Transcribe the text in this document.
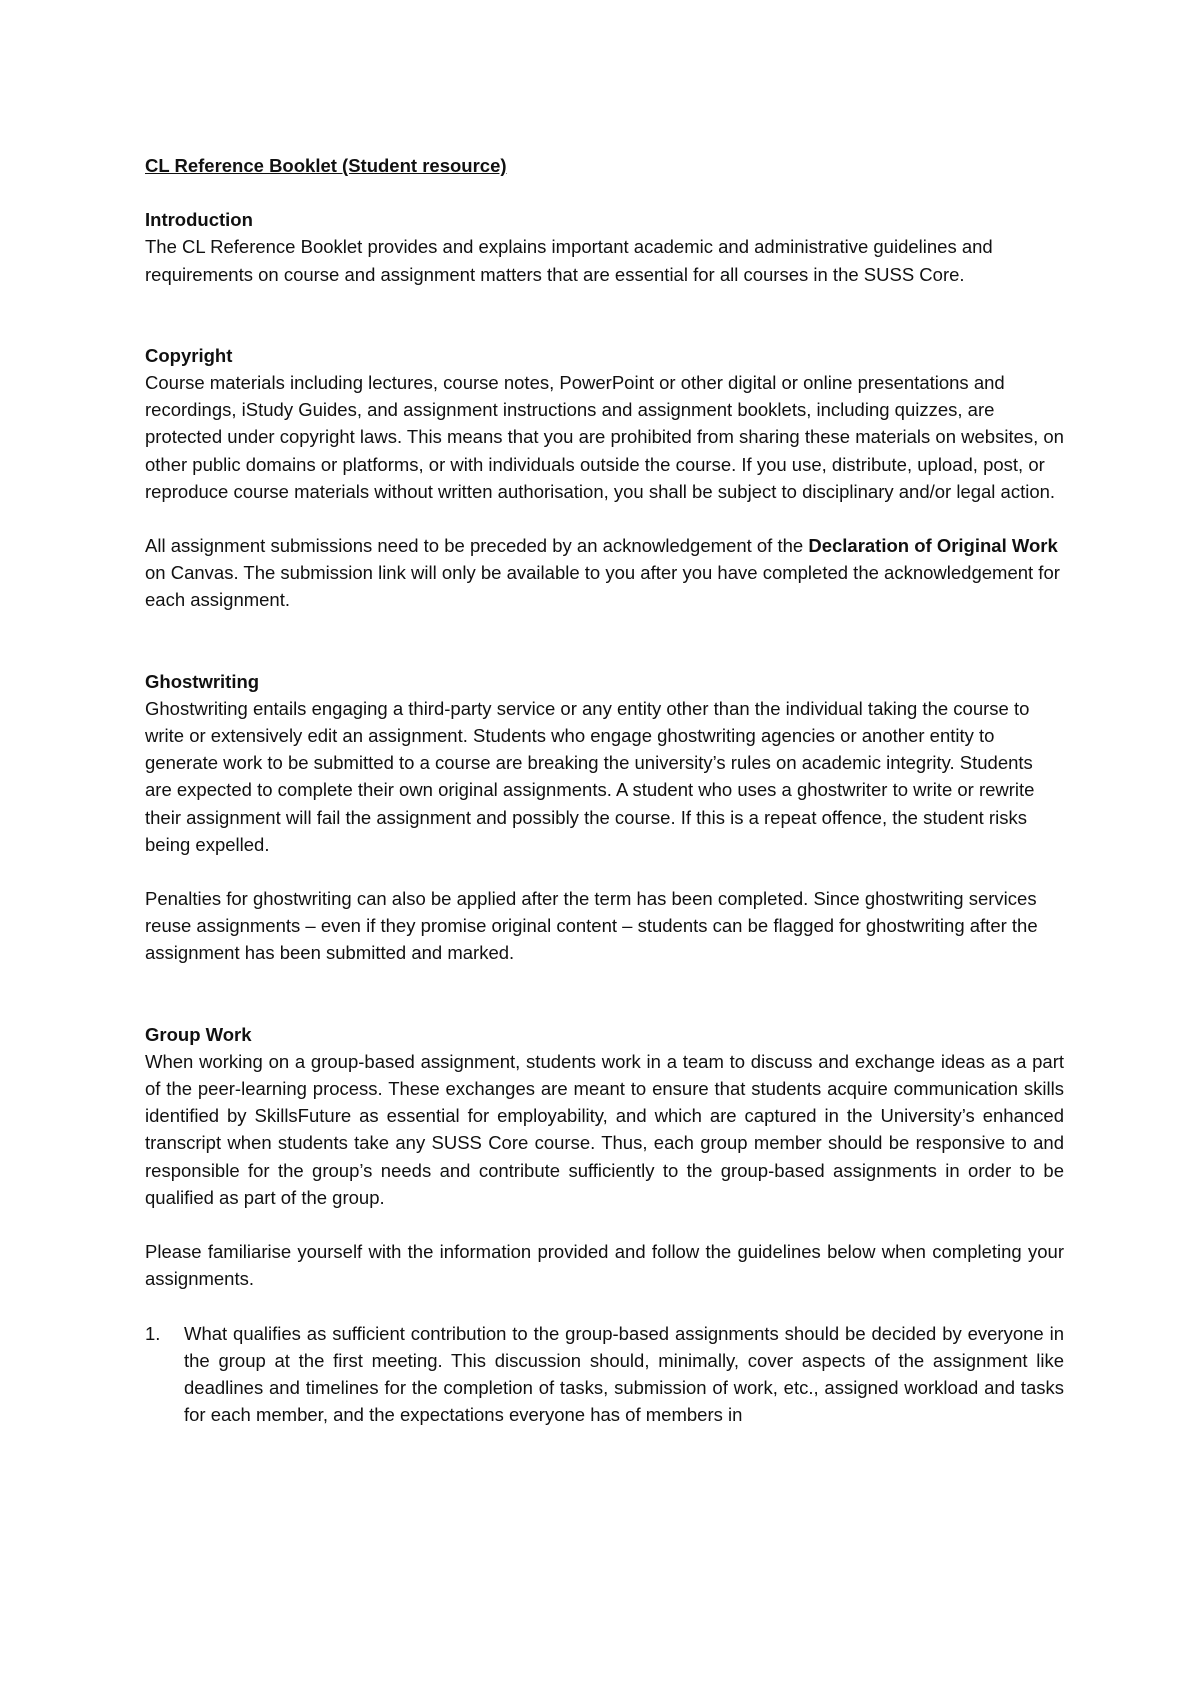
CL Reference Booklet (Student resource)
Introduction

The CL Reference Booklet provides and explains important academic and administrative guidelines and requirements on course and assignment matters that are essential for all courses in the SUSS Core.

Copyright

Course materials including lectures, course notes, PowerPoint or other digital or online presentations and recordings, iStudy Guides, and assignment instructions and assignment booklets, including quizzes, are protected under copyright laws. This means that you are prohibited from sharing these materials on websites, on other public domains or platforms, or with individuals outside the course. If you use, distribute, upload, post, or reproduce course materials without written authorisation, you shall be subject to disciplinary and/or legal action.

All assignment submissions need to be preceded by an acknowledgement of the Declaration of Original Work on Canvas. The submission link will only be available to you after you have completed the acknowledgement for each assignment.

Ghostwriting

Ghostwriting entails engaging a third-party service or any entity other than the individual taking the course to write or extensively edit an assignment. Students who engage ghostwriting agencies or another entity to generate work to be submitted to a course are breaking the university’s rules on academic integrity. Students are expected to complete their own original assignments. A student who uses a ghostwriter to write or rewrite their assignment will fail the assignment and possibly the course. If this is a repeat offence, the student risks being expelled.

Penalties for ghostwriting can also be applied after the term has been completed. Since ghostwriting services reuse assignments – even if they promise original content – students can be flagged for ghostwriting after the assignment has been submitted and marked.

Group Work

When working on a group-based assignment, students work in a team to discuss and exchange ideas as a part of the peer-learning process. These exchanges are meant to ensure that students acquire communication skills identified by SkillsFuture as essential for employability, and which are captured in the University’s enhanced transcript when students take any SUSS Core course. Thus, each group member should be responsive to and responsible for the group’s needs and contribute sufficiently to the group-based assignments in order to be qualified as part of the group.

Please familiarise yourself with the information provided and follow the guidelines below when completing your assignments.

1.	What qualifies as sufficient contribution to the group-based assignments should be decided by everyone in the group at the first meeting. This discussion should, minimally, cover aspects of the assignment like deadlines and timelines for the completion of tasks, submission of work, etc., assigned workload and tasks for each member, and the expectations everyone has of members in
